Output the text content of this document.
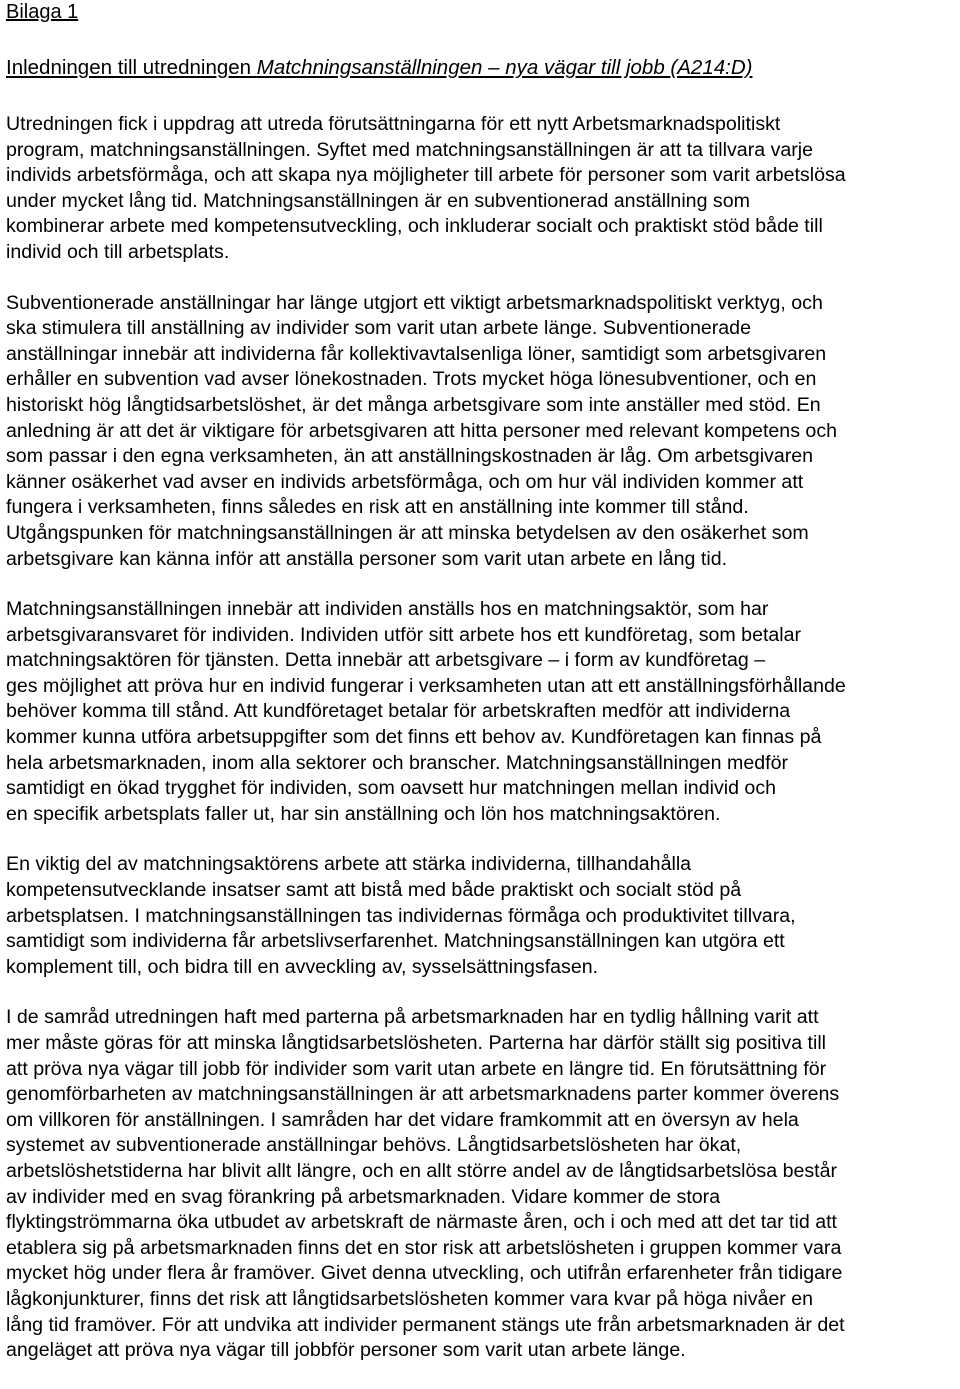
Bilaga 1

Inledningen till utredningen Matchningsanställningen – nya vägar till jobb (A214:D)

Utredningen fick i uppdrag att utreda förutsättningarna för ett nytt Arbetsmarknadspolitiskt
program, matchningsanställningen. Syftet med matchningsanställningen är att ta tillvara varje
individs arbetsförmåga, och att skapa nya möjligheter till arbete för personer som varit arbetslösa
under mycket lång tid. Matchningsanställningen är en subventionerad anställning som
kombinerar arbete med kompetensutveckling, och inkluderar socialt och praktiskt stöd både till
individ och till arbetsplats.

Subventionerade anställningar har länge utgjort ett viktigt arbetsmarknadspolitiskt verktyg, och
ska stimulera till anställning av individer som varit utan arbete länge. Subventionerade
anställningar innebär att individerna får kollektivavtalsenliga löner, samtidigt som arbetsgivaren
erhåller en subvention vad avser lönekostnaden. Trots mycket höga lönesubventioner, och en
historiskt hög långtidsarbetslöshet, är det många arbetsgivare som inte anställer med stöd. En
anledning är att det är viktigare för arbetsgivaren att hitta personer med relevant kompetens och
som passar i den egna verksamheten, än att anställningskostnaden är låg. Om arbetsgivaren
känner osäkerhet vad avser en individs arbetsförmåga, och om hur väl individen kommer att
fungera i verksamheten, finns således en risk att en anställning inte kommer till stånd.
Utgångspunken för matchningsanställningen är att minska betydelsen av den osäkerhet som
arbetsgivare kan känna inför att anställa personer som varit utan arbete en lång tid.

Matchningsanställningen innebär att individen anställs hos en matchningsaktör, som har
arbetsgivaransvaret för individen. Individen utför sitt arbete hos ett kundföretag, som betalar
matchningsaktören för tjänsten. Detta innebär att arbetsgivare – i form av kundföretag –
ges möjlighet att pröva hur en individ fungerar i verksamheten utan att ett anställningsförhållande
behöver komma till stånd. Att kundföretaget betalar för arbetskraften medför att individerna
kommer kunna utföra arbetsuppgifter som det finns ett behov av. Kundföretagen kan finnas på
hela arbetsmarknaden, inom alla sektorer och branscher. Matchningsanställningen medför
samtidigt en ökad trygghet för individen, som oavsett hur matchningen mellan individ och
en specifik arbetsplats faller ut, har sin anställning och lön hos matchningsaktören.

En viktig del av matchningsaktörens arbete att stärka individerna, tillhandahålla
kompetensutvecklande insatser samt att bistå med både praktiskt och socialt stöd på
arbetsplatsen. I matchningsanställningen tas individernas förmåga och produktivitet tillvara,
samtidigt som individerna får arbetslivserfarenhet. Matchningsanställningen kan utgöra ett
komplement till, och bidra till en avveckling av, sysselsättningsfasen.

I de samråd utredningen haft med parterna på arbetsmarknaden har en tydlig hållning varit att
mer måste göras för att minska långtidsarbetslösheten. Parterna har därför ställt sig positiva till
att pröva nya vägar till jobb för individer som varit utan arbete en längre tid. En förutsättning för
genomförbarheten av matchningsanställningen är att arbetsmarknadens parter kommer överens
om villkoren för anställningen. I samråden har det vidare framkommit att en översyn av hela
systemet av subventionerade anställningar behövs. Långtidsarbetslösheten har ökat,
arbetslöshetstiderna har blivit allt längre, och en allt större andel av de långtidsarbetslösa består
av individer med en svag förankring på arbetsmarknaden. Vidare kommer de stora
flyktingströmmarna öka utbudet av arbetskraft de närmaste åren, och i och med att det tar tid att
etablera sig på arbetsmarknaden finns det en stor risk att arbetslösheten i gruppen kommer vara
mycket hög under flera år framöver. Givet denna utveckling, och utifrån erfarenheter från tidigare
lågkonjunkturer, finns det risk att långtidsarbetslösheten kommer vara kvar på höga nivåer en
lång tid framöver. För att undvika att individer permanent stängs ute från arbetsmarknaden är det
angeläget att pröva nya vägar till jobbför personer som varit utan arbete länge.
